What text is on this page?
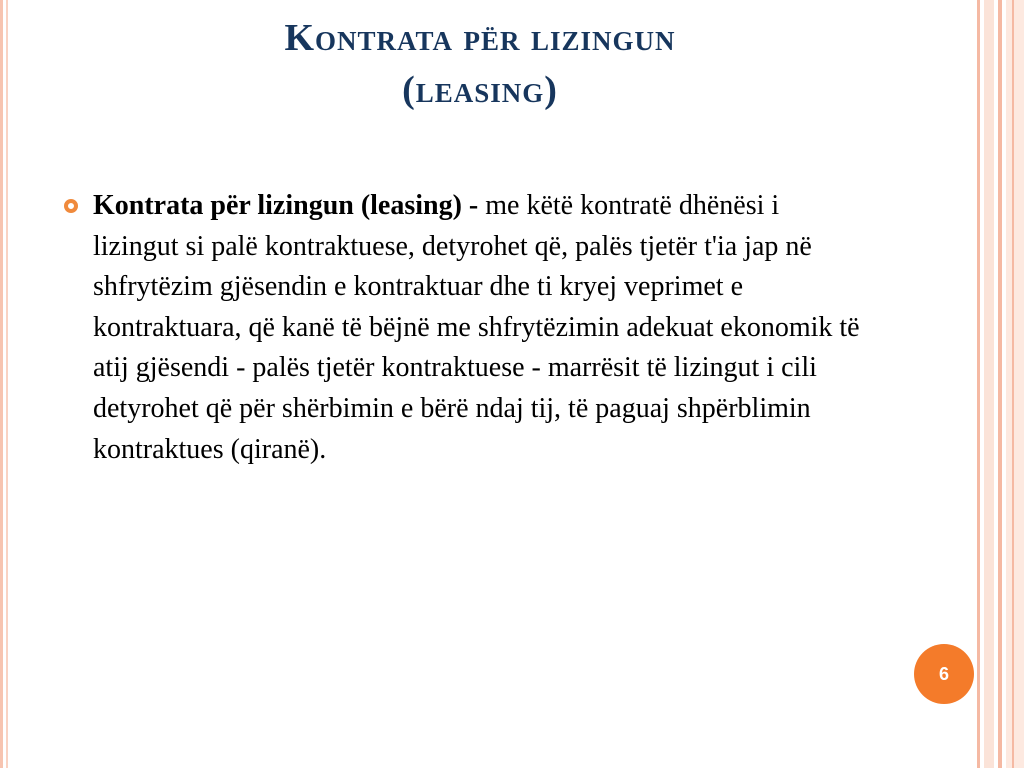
Kontrata për lizingun
(leasing)

Kontrata për lizingun (leasing) - me këtë kontratë dhënësi i lizingut si palë kontraktuese, detyrohet që, palës tjetër t'ia jap në shfrytëzim gjësendin e kontraktuar dhe ti kryej veprimet e kontraktuara, që kanë të bëjnë me shfrytëzimin adekuat ekonomik të atij gjësendi - palës tjetër kontraktuese - marrësit të lizingut i cili detyrohet që për shërbimin e bërë ndaj tij, të paguaj shpërblimin kontraktues (qiranë).

6
